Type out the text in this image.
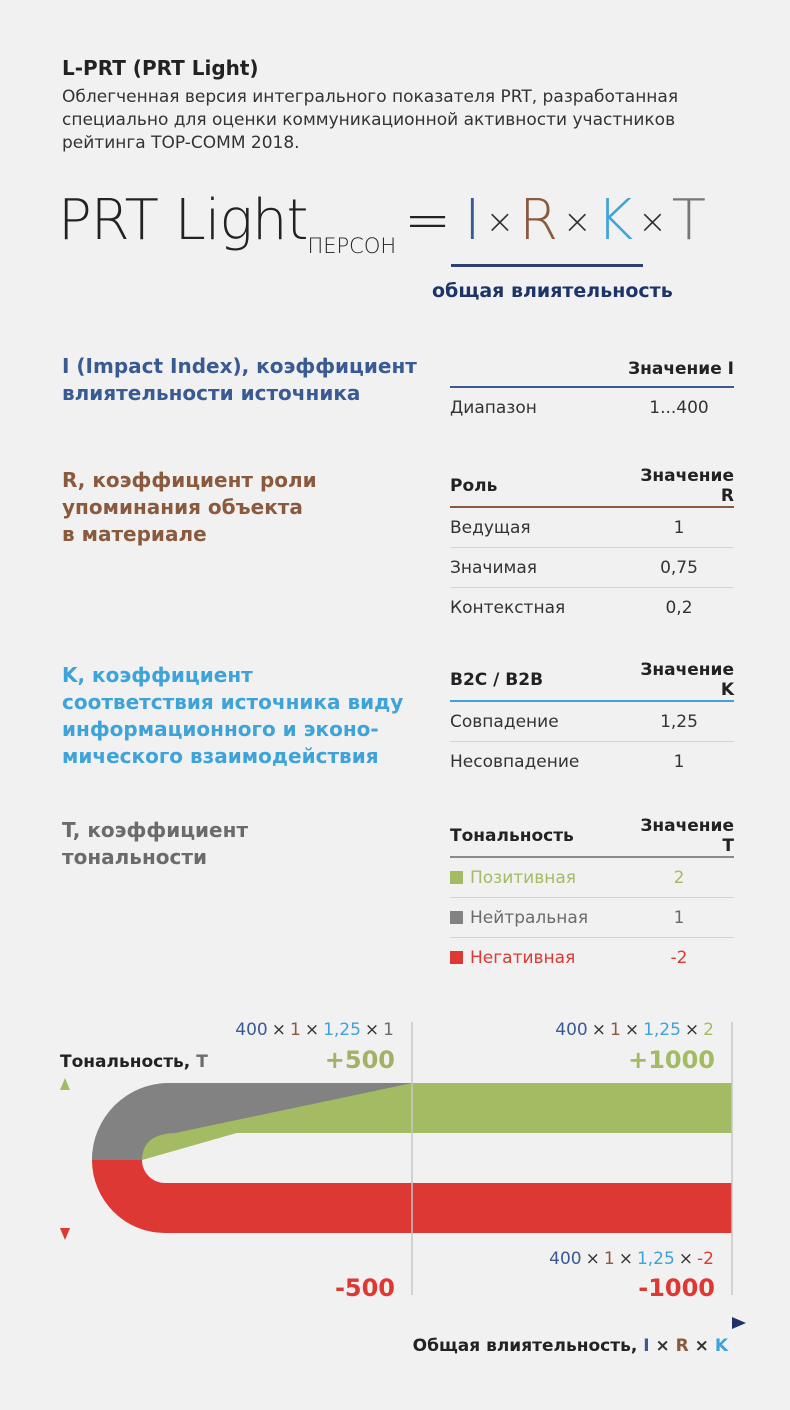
L-PRT (PRT Light)
Облегченная версия интегрального показателя PRT, разработанная специально для оценки коммуникационной активности участников рейтинга TOP-COMM 2018.
PRT Light$_{ПЕРСОН}$ = I × R × K × T
общая влиятельность
I (Impact Index), коэффициент
влиятельности источника
	Значение I
Диапазон	1...400
R, коэффициент роли
упоминания объекта
в материале
Роль	Значение R
Ведущая	1
Значимая	0,75
Контекстная	0,2
K, коэффициент
соответствия источника виду
информационного и эконо-
мического взаимодействия
B2C / B2B	Значение K
Совпадение	1,25
Несовпадение	1
T, коэффициент
тональности
Тональность	Значение T
Позитивная	2
Нейтральная	1
Негативная	-2
Тональность, T
Общая влиятельность, I × R × K
400 × 1 × 1,25 × 1
+500
400 × 1 × 1,25 × 2
+1000
400 × 1 × 1,25 × -2
-500	-1000
